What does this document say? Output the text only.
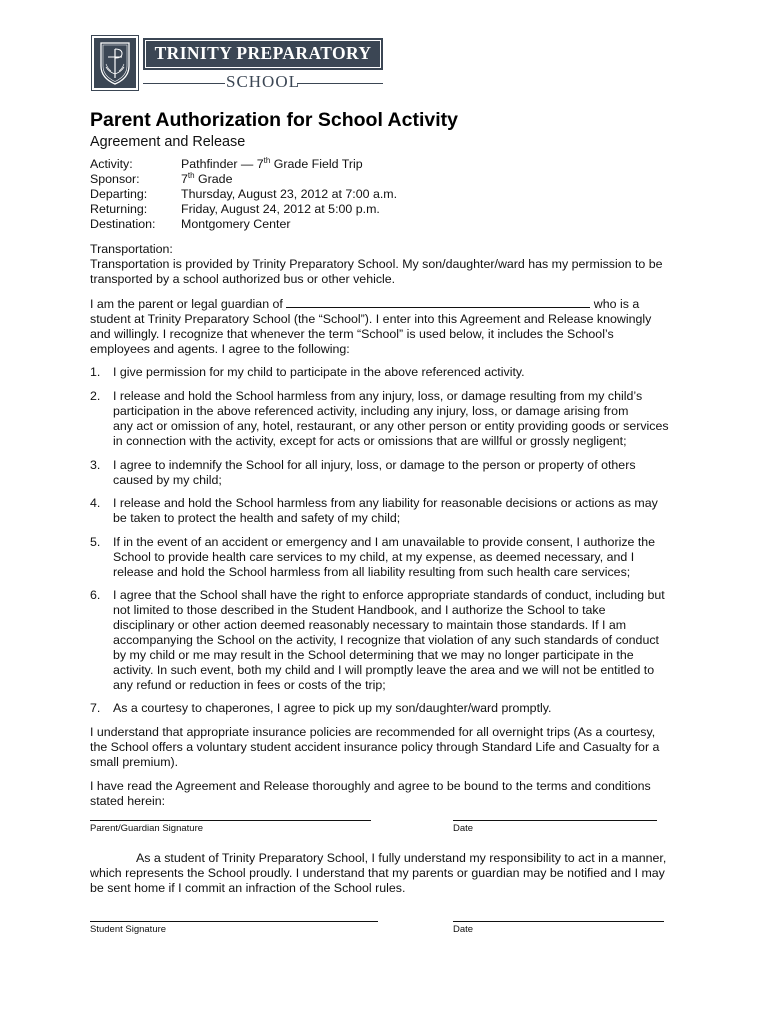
TRINITY PREPARATORY
SCHOOL
Parent Authorization for School Activity
Agreement and Release
Activity:	Pathfinder — 7th Grade Field Trip
Sponsor:	7th Grade
Departing:	Thursday, August 23, 2012 at 7:00 a.m.
Returning:	Friday, August 24, 2012 at 5:00 p.m.
Destination: Montgomery Center
Transportation:
Transportation is provided by Trinity Preparatory School. My son/daughter/ward has my permission to be
transported by a school authorized bus or other vehicle.
I am the parent or legal guardian of	who is a
student at Trinity Preparatory School (the “School”). I enter into this Agreement and Release knowingly
and willingly. I recognize that whenever the term “School” is used below, it includes the School’s
employees and agents. I agree to the following:
1. I give permission for my child to participate in the above referenced activity.
2. I release and hold the School harmless from any injury, loss, or damage resulting from my child’s
participation in the above referenced activity, including any injury, loss, or damage arising from
any act or omission of any, hotel, restaurant, or any other person or entity providing goods or services
in connection with the activity, except for acts or omissions that are willful or grossly negligent;
3. I agree to indemnify the School for all injury, loss, or damage to the person or property of others
caused by my child;
4. I release and hold the School harmless from any liability for reasonable decisions or actions as may
be taken to protect the health and safety of my child;
5. If in the event of an accident or emergency and I am unavailable to provide consent, I authorize the
School to provide health care services to my child, at my expense, as deemed necessary, and I
release and hold the School harmless from all liability resulting from such health care services;
6. I agree that the School shall have the right to enforce appropriate standards of conduct, including but
not limited to those described in the Student Handbook, and I authorize the School to take
disciplinary or other action deemed reasonably necessary to maintain those standards. If I am
accompanying the School on the activity, I recognize that violation of any such standards of conduct
by my child or me may result in the School determining that we may no longer participate in the
activity. In such event, both my child and I will promptly leave the area and we will not be entitled to
any refund or reduction in fees or costs of the trip;
7. As a courtesy to chaperones, I agree to pick up my son/daughter/ward promptly.
I understand that appropriate insurance policies are recommended for all overnight trips (As a courtesy,
the School offers a voluntary student accident insurance policy through Standard Life and Casualty for a
small premium).
I have read the Agreement and Release thoroughly and agree to be bound to the terms and conditions
stated herein:
Parent/Guardian Signature	Date
As a student of Trinity Preparatory School, I fully understand my responsibility to act in a manner,
which represents the School proudly. I understand that my parents or guardian may be notified and I may
be sent home if I commit an infraction of the School rules.
Student Signature	Date
